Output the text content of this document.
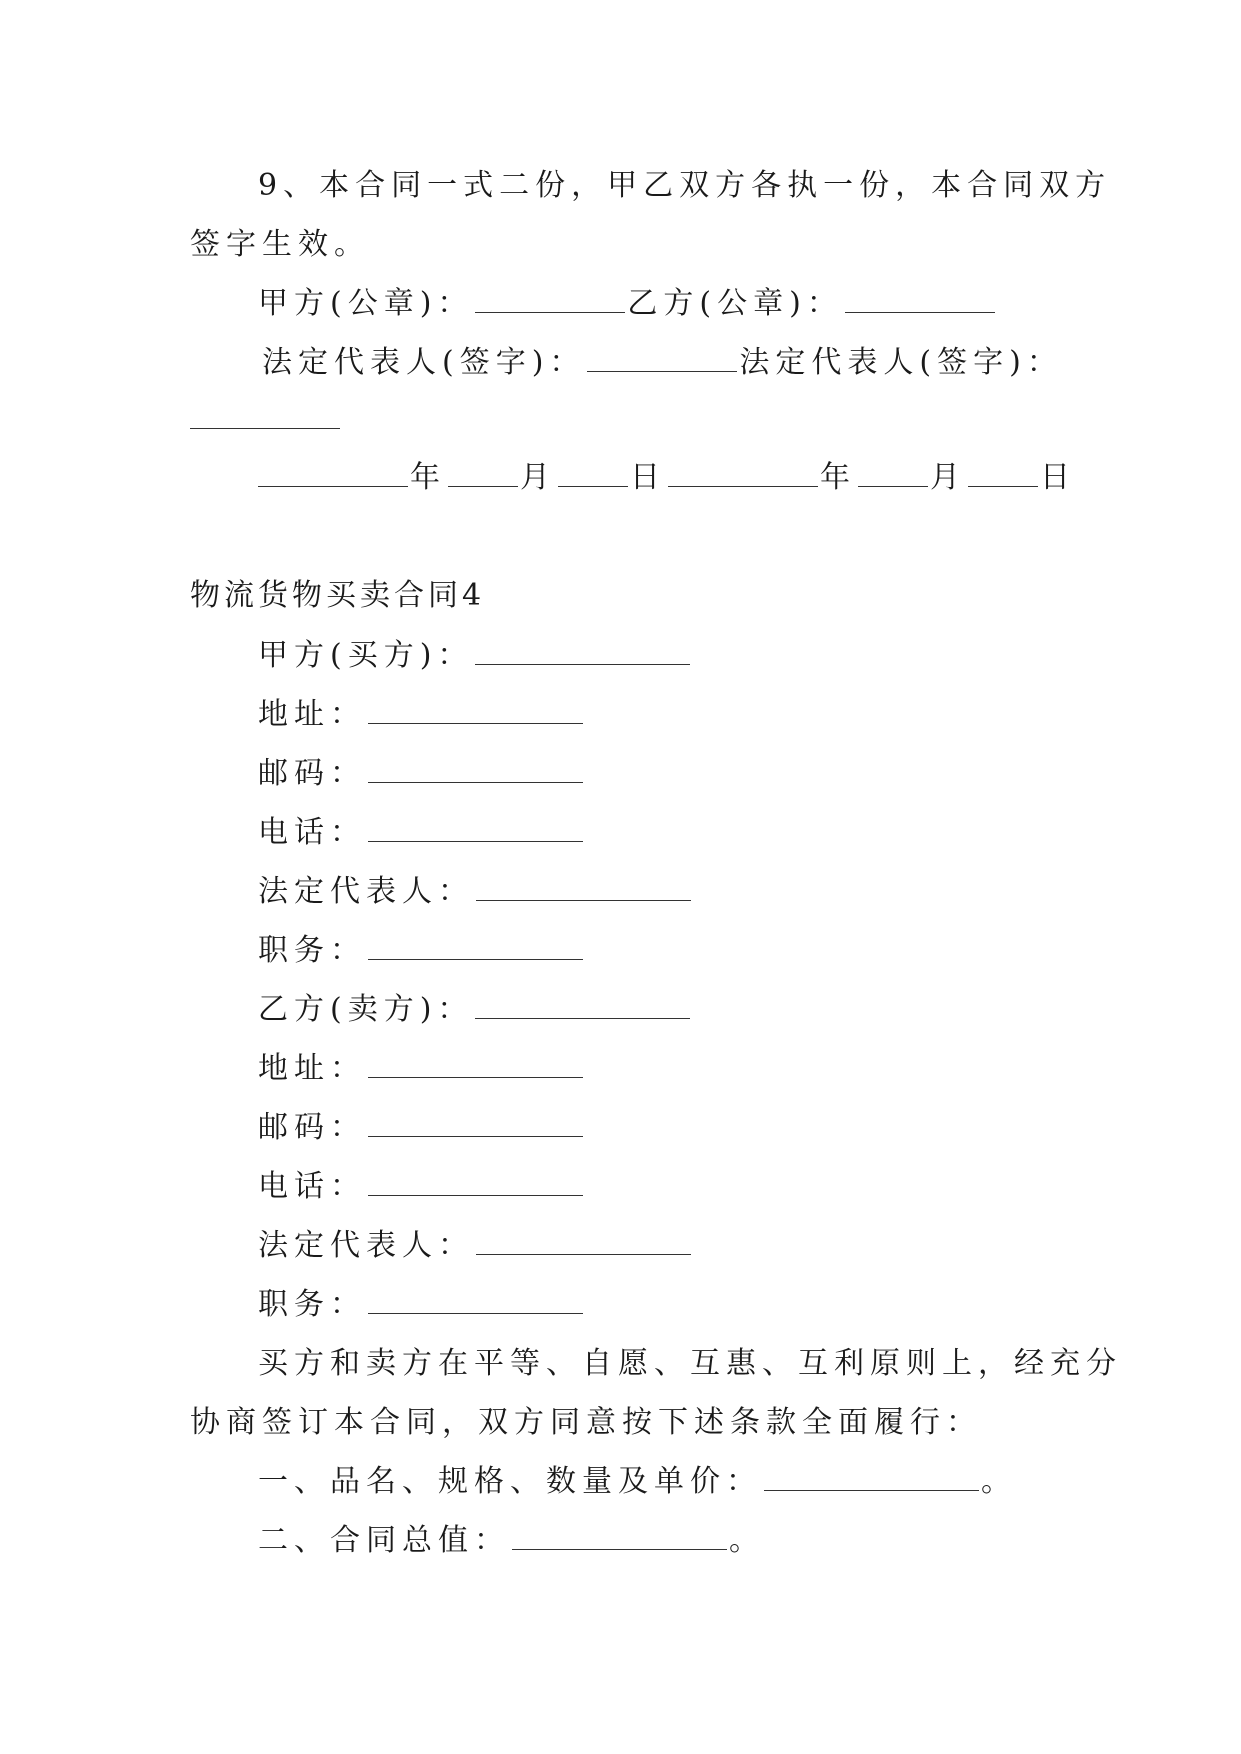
9、本合同一式二份，甲乙双方各执一份，本合同双方
签字生效。
甲方(公章)：	乙方(公章)：
法定代表人(签字)：	法定代表人(签字)：
年 月 日	年 月 日
物流货物买卖合同4
甲方(买方)：
地址：
邮码：
电话：
法定代表人：
职务：
乙方(卖方)：
地址：
邮码：
电话：
法定代表人：
职务：
买方和卖方在平等、自愿、互惠、互利原则上，经充分
协商签订本合同，双方同意按下述条款全面履行：
一、品名、规格、数量及单价：	。
二、合同总值：	。
